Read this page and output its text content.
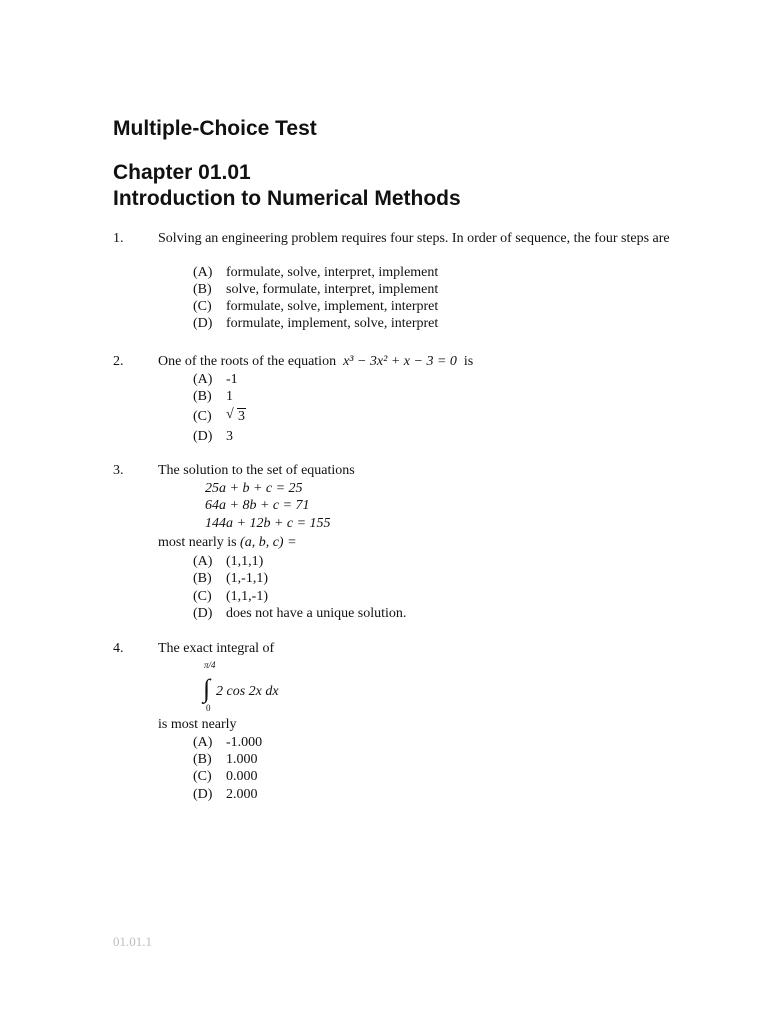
Multiple-Choice Test
Chapter 01.01
Introduction to Numerical Methods
1. Solving an engineering problem requires four steps. In order of sequence, the four steps are
(A) formulate, solve, interpret, implement
(B) solve, formulate, interpret, implement
(C) formulate, solve, implement, interpret
(D) formulate, implement, solve, interpret
2. One of the roots of the equation x³ − 3x² + x − 3 = 0 is
(A) -1
(B) 1
(C) √ 3
(D) 3
3. The solution to the set of equations
25a + b + c = 25
64a + 8b + c = 71
144a + 12b + c = 155
most nearly is (a, b, c) =
(A) (1,1,1)
(B) (1,-1,1)
(C) (1,1,-1)
(D) does not have a unique solution.
4. The exact integral of
π/4
∫
0
2 cos 2x dx
is most nearly
(A) -1.000
(B) 1.000
(C) 0.000
(D) 2.000
01.01.1
